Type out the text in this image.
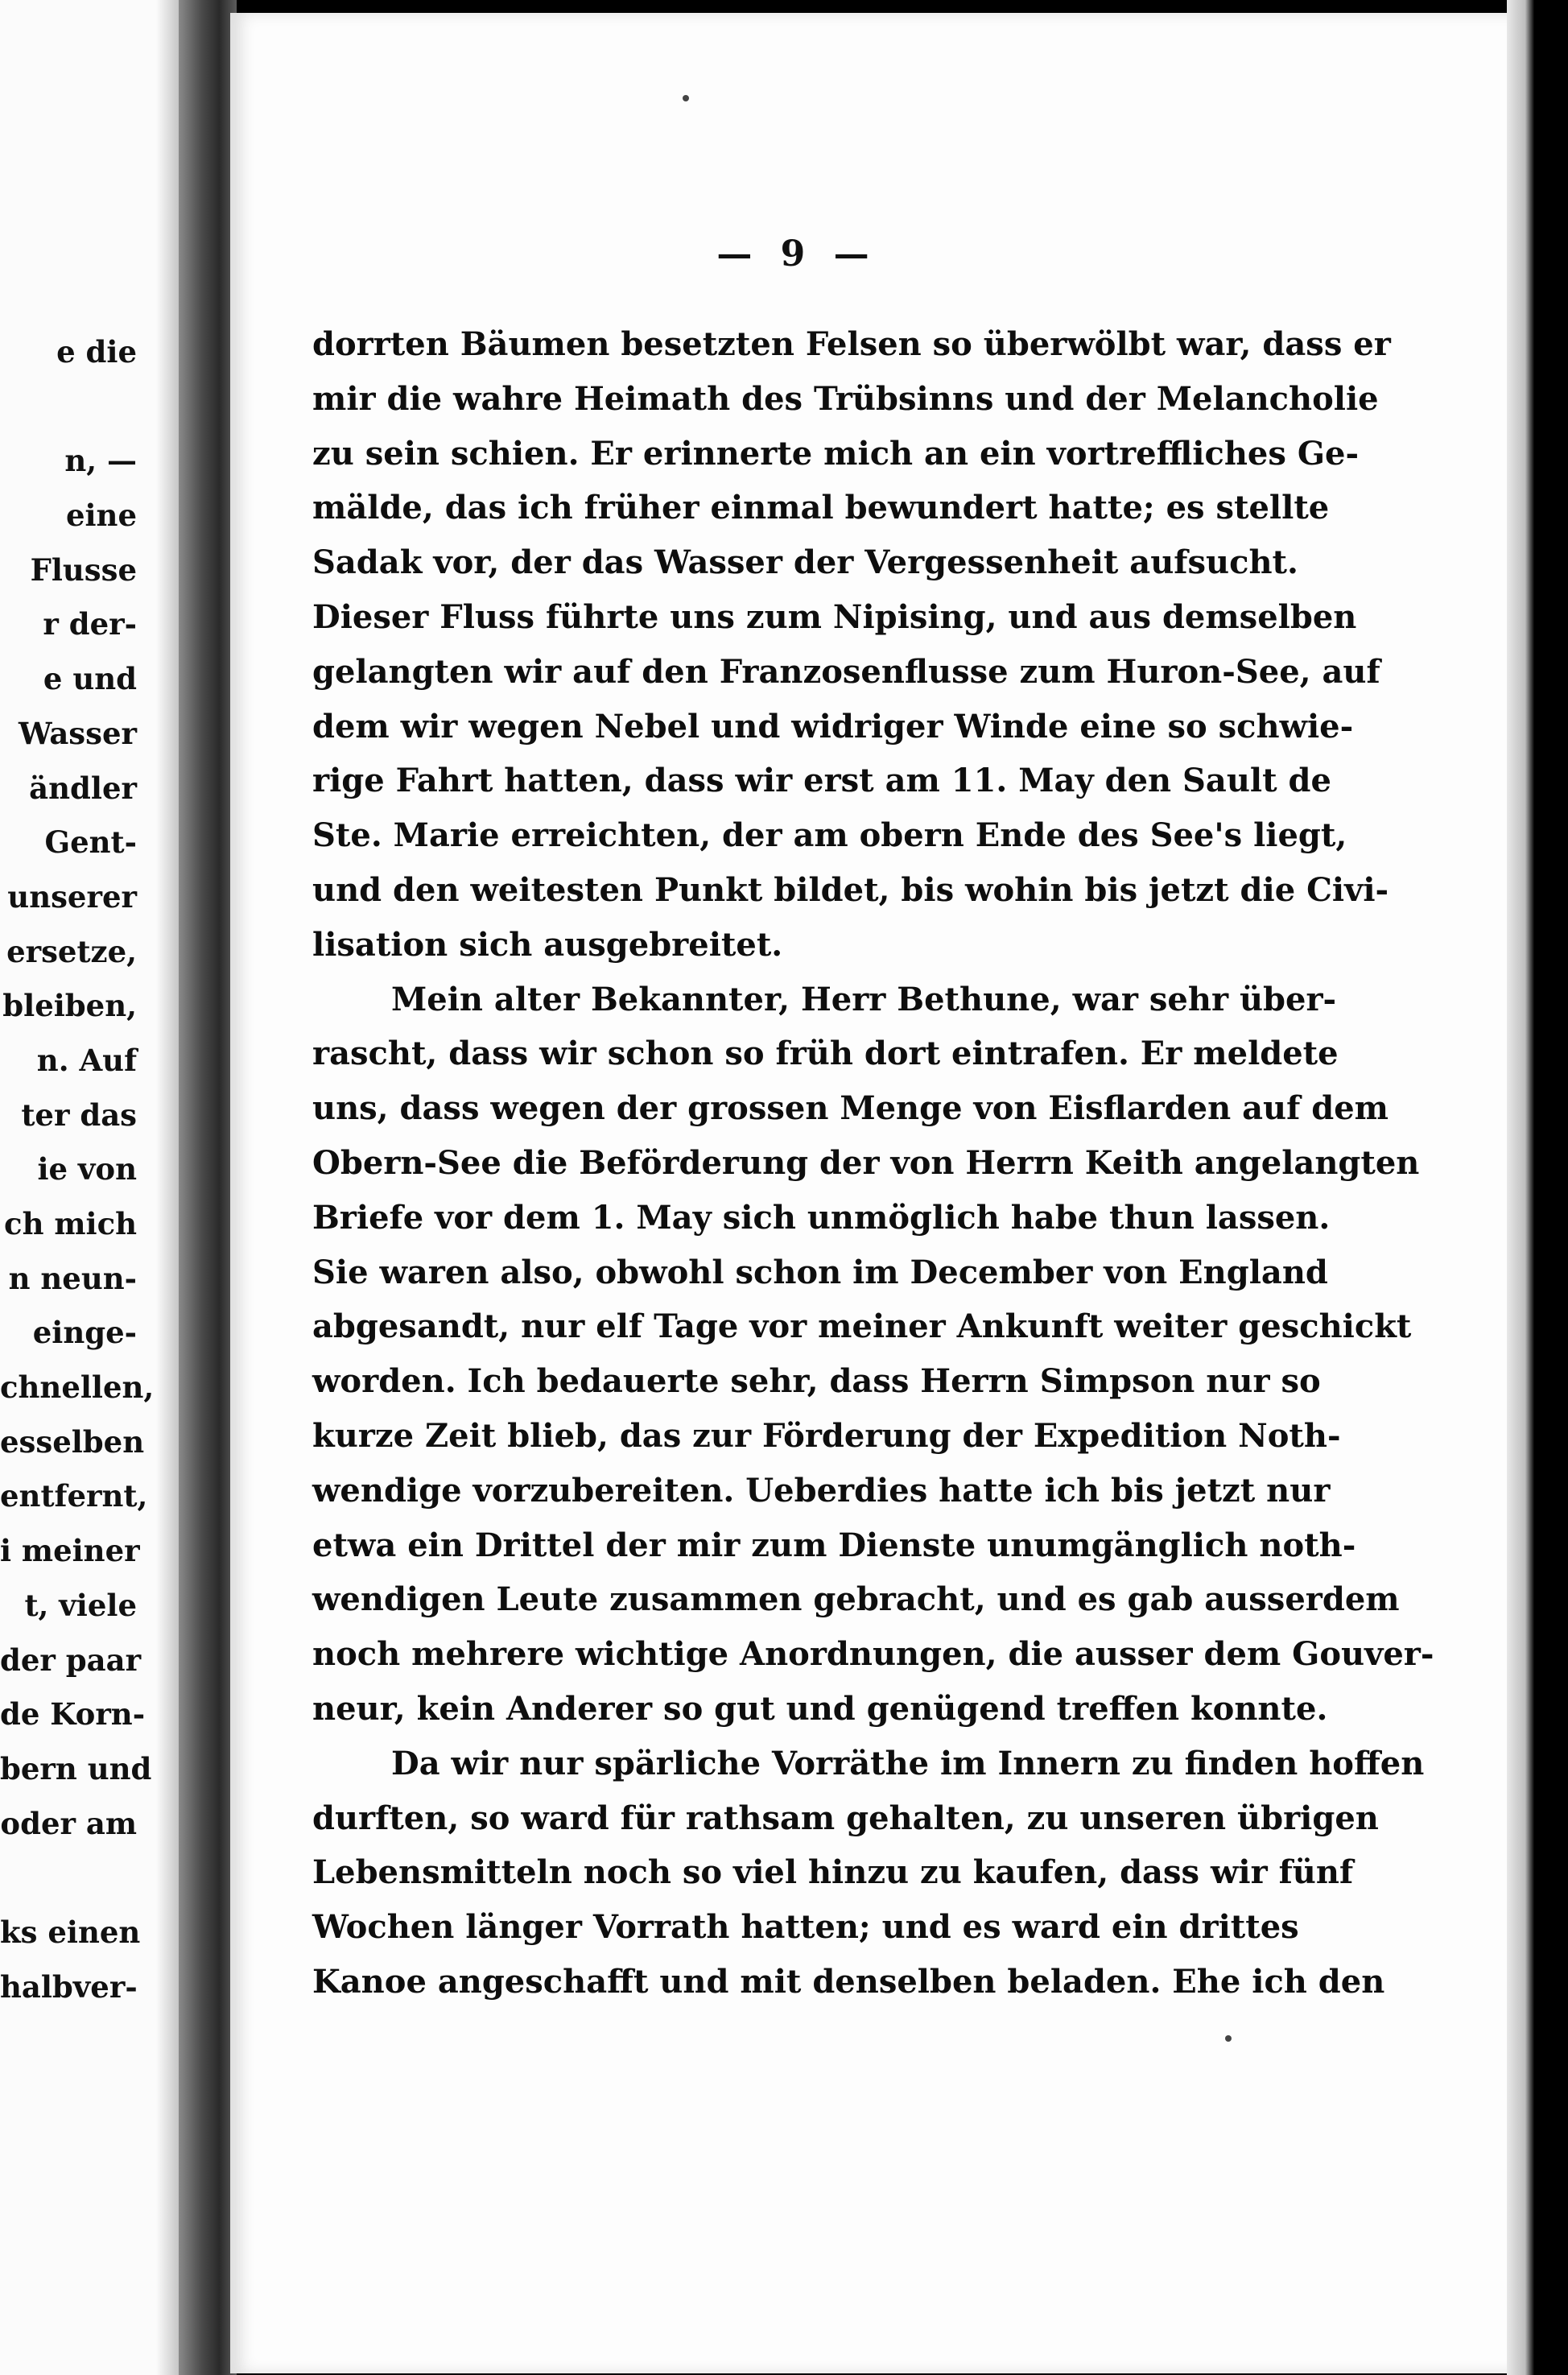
e die
n, —
eine
Flusse
r der-
e und
Wasser
ändler
Gent-
unserer
ersetze,
bleiben,
n. Auf
ter das
ie von
ch mich
n neun-
einge-
chnellen,
esselben
entfernt,
i meiner
t, viele
der paar
de Korn-
bern und
oder am
ks einen
halbver-
— 9 —
dorrten Bäumen besetzten Felsen so überwölbt war, dass er
mir die wahre Heimath des Trübsinns und der Melancholie
zu sein schien. Er erinnerte mich an ein vortreffliches Ge-
mälde, das ich früher einmal bewundert hatte; es stellte
Sadak vor, der das Wasser der Vergessenheit aufsucht.
Dieser Fluss führte uns zum Nipising, und aus demselben
gelangten wir auf den Franzosenflusse zum Huron-See, auf
dem wir wegen Nebel und widriger Winde eine so schwie-
rige Fahrt hatten, dass wir erst am 11. May den Sault de
Ste. Marie erreichten, der am obern Ende des See's liegt,
und den weitesten Punkt bildet, bis wohin bis jetzt die Civi-
lisation sich ausgebreitet.
Mein alter Bekannter, Herr Bethune, war sehr über-
rascht, dass wir schon so früh dort eintrafen. Er meldete
uns, dass wegen der grossen Menge von Eisflarden auf dem
Obern-See die Beförderung der von Herrn Keith angelangten
Briefe vor dem 1. May sich unmöglich habe thun lassen.
Sie waren also, obwohl schon im December von England
abgesandt, nur elf Tage vor meiner Ankunft weiter geschickt
worden. Ich bedauerte sehr, dass Herrn Simpson nur so
kurze Zeit blieb, das zur Förderung der Expedition Noth-
wendige vorzubereiten. Ueberdies hatte ich bis jetzt nur
etwa ein Drittel der mir zum Dienste unumgänglich noth-
wendigen Leute zusammen gebracht, und es gab ausserdem
noch mehrere wichtige Anordnungen, die ausser dem Gouver-
neur, kein Anderer so gut und genügend treffen konnte.
Da wir nur spärliche Vorräthe im Innern zu finden hoffen
durften, so ward für rathsam gehalten, zu unseren übrigen
Lebensmitteln noch so viel hinzu zu kaufen, dass wir fünf
Wochen länger Vorrath hatten; und es ward ein drittes
Kanoe angeschafft und mit denselben beladen. Ehe ich den
